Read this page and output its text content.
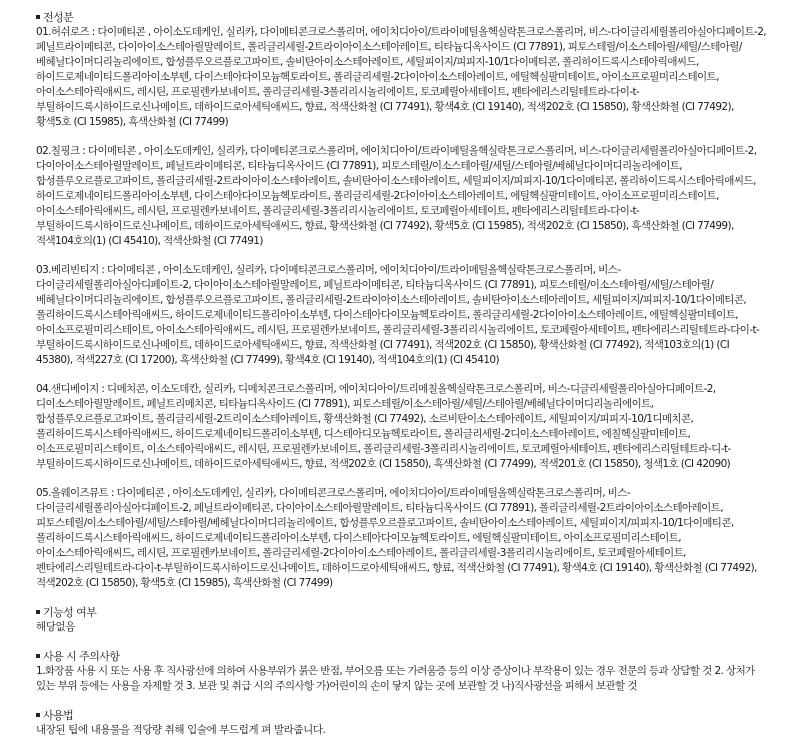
전성분

01.허쉬로즈 : 다이메티콘 , 아이소도데케인, 실리카, 다이메티콘크로스폴리머, 에이치디아이/트라이메틸올헥실락톤크로스폴리머, 비스-다이글리세릴폴리아실아디페이트-2, 페닐트라이메티콘, 다이아이소스테아릴말레이트, 폴리글리세릴-2트라이아이소스테아레이트, 티타늄디옥사이드 (CI 77891), 피토스테릴/이소스테아릴/세틸/스테아릴/베헤닐다이머디리놀리에이트, 합성플루오르플로고파이트, 솔비탄아이소스테아레이트, 세틸피이지/피피지-10/1다이메티콘, 폴리하이드록시스테아릭애씨드, 하이드로제네이티드폴리아이소부텐, 다이스테아다이모늄헥토라이트, 폴리글리세릴-2다이아이소스테아레이트, 에틸헥실팔미테이트, 아이소프로필미리스테이트, 아이소스테아릭애씨드, 레시틴, 프로필렌카보네이트, 폴리글리세릴-3폴리리시놀리에이트, 토코페릴아세테이트, 펜타에리스리틸테트라-다이-t-부틸하이드록시하이드로신나메이트, 데하이드로아세틱애씨드, 향료, 적색산화철 (CI 77491), 황색4호 (CI 19140), 적색202호 (CI 15850), 황색산화철 (CI 77492), 황색5호 (CI 15985), 흑색산화철 (CI 77499)

02.칠핑크 : 다이메티콘 , 아이소도데케인, 실리카, 다이메티콘크로스폴리머, 에이치디아이/트라이메틸올헥실락톤크로스폴리머, 비스-다이글리세릴폴리아실아디페이트-2, 다이아이소스테아릴말레이트, 페닐트라이메티콘, 티타늄디옥사이드 (CI 77891), 피토스테릴/이소스테아릴/세틸/스테아릴/베헤닐다이머디리놀리에이트, 합성플루오르플로고파이트, 폴리글리세릴-2트라이아이소스테아레이트, 솔비탄아이소스테아레이트, 세틸피이지/피피지-10/1다이메티콘, 폴리하이드록시스테아릭애씨드, 하이드로제네이티드폴리아이소부텐, 다이스테아다이모늄헥토라이트, 폴리글리세릴-2다이아이소스테아레이트, 에틸헥실팔미테이트, 아이소프로필미리스테이트, 아이소스테아릭애씨드, 레시틴, 프로필렌카보네이트, 폴리글리세릴-3폴리리시놀리에이트, 토코페릴아세테이트, 펜타에리스리틸테트라-다이-t-부틸하이드록시하이드로신나메이트, 데하이드로아세틱애씨드, 향료, 황색산화철 (CI 77492), 황색5호 (CI 15985), 적색202호 (CI 15850), 흑색산화철 (CI 77499), 적색104호의(1) (CI 45410), 적색산화철 (CI 77491)

03.베리빈티지 : 다이메티콘 , 아이소도데케인, 실리카, 다이메티콘크로스폴리머, 에이치디아이/트라이메틸올헥실락톤크로스폴리머, 비스-다이글리세릴폴리아실아디페이트-2, 다이아이소스테아릴말레이트, 페닐트라이메티콘, 티타늄디옥사이드 (CI 77891), 피토스테릴/이소스테아릴/세틸/스테아릴/베헤닐다이머디리놀리에이트, 합성플루오르플로고파이트, 폴리글리세릴-2트라이아이소스테아레이트, 솔비탄아이소스테아레이트, 세틸피이지/피피지-10/1다이메티콘, 폴리하이드록시스테아릭애씨드, 하이드로제네이티드폴리아이소부텐, 다이스테아다이모늄헥토라이트, 폴리글리세릴-2다이아이소스테아레이트, 에틸헥실팔미테이트, 아이소프로필미리스테이트, 아이소스테아릭애씨드, 레시틴, 프로필렌카보네이트, 폴리글리세릴-3폴리리시놀리에이트, 토코페릴아세테이트, 펜타에리스리틸테트라-다이-t-부틸하이드록시하이드로신나메이트, 데하이드로아세틱애씨드, 향료, 적색산화철 (CI 77491), 적색202호 (CI 15850), 황색산화철 (CI 77492), 적색103호의(1) (CI 45380), 적색227호 (CI 17200), 흑색산화철 (CI 77499), 황색4호 (CI 19140), 적색104호의(1) (CI 45410)

04.샌디베이지 : 디메치콘, 이소도데칸, 실리카, 디메치콘크로스폴리머, 에이치디아이/트리메칠올헥실락톤크로스폴리머, 비스-디글리세릴폴리아실아디페이트-2, 디이소스테아릴말레이트, 페닐트리메치콘, 티타늄디옥사이드 (CI 77891), 피토스테릴/이소스테아릴/세틸/스테아릴/베헤닐다이머디리놀리에이트, 합성플루오르플로고파이트, 폴리글리세릴-2트리이소스테아레이트, 황색산화철 (CI 77492), 소르비탄이소스테아레이트, 세틸피이지/피피지-10/1디메치콘, 폴리하이드록시스테아릭애씨드, 하이드로제네이티드폴리이소부텐, 디스테아디모늄헥토라이트, 폴리글리세릴-2디이소스테아레이트, 에칠헥실팔미테이트, 이소프로필미리스테이트, 이소스테아릭애씨드, 레시틴, 프로필렌카보네이트, 폴리글리세릴-3폴리리시놀리에이트, 토코페릴아세테이트, 펜타에리스리틸테트라-디-t-부틸하이드록시하이드로신나메이트, 데하이드로아세틱애씨드, 향료, 적색202호 (CI 15850), 흑색산화철 (CI 77499), 적색201호 (CI 15850), 청색1호 (CI 42090)

05.올웨이즈뮤트 : 다이메티콘 , 아이소도데케인, 실리카, 다이메티콘크로스폴리머, 에이치디아이/트라이메틸올헥실락톤크로스폴리머, 비스-다이글리세릴폴리아실아디페이트-2, 페닐트라이메티콘, 다이아이소스테아릴말레이트, 티타늄디옥사이드 (CI 77891), 폴리글리세릴-2트라이아이소스테아레이트, 피토스테릴/이소스테아릴/세틸/스테아릴/베헤닐다이머디리놀리에이트, 합성플루오르플로고파이트, 솔비탄아이소스테아레이트, 세틸피이지/피피지-10/1다이메티콘, 폴리하이드록시스테아릭애씨드, 하이드로제네이티드폴리아이소부텐, 다이스테아다이모늄헥토라이트, 에틸헥실팔미테이트, 아이소프로필미리스테이트, 아이소스테아릭애씨드, 레시틴, 프로필렌카보네이트, 폴리글리세릴-2다이아이소스테아레이트, 폴리글리세릴-3폴리리시놀리에이트, 토코페릴아세테이트, 펜타에리스리틸테트라-다이-t-부틸하이드록시하이드로신나메이트, 데하이드로아세틱애씨드, 향료, 적색산화철 (CI 77491), 황색4호 (CI 19140), 황색산화철 (CI 77492), 적색202호 (CI 15850), 황색5호 (CI 15985), 흑색산화철 (CI 77499)

기능성 여부

해당없음

사용 시 주의사항

1.화장품 사용 시 또는 사용 후 직사광선에 의하여 사용부위가 붉은 반점, 부어오름 또는 가려움증 등의 이상 증상이나 부작용이 있는 경우 전문의 등과 상담할 것 2. 상처가 있는 부위 등에는 사용을 자제할 것 3. 보관 및 취급 시의 주의사항 가)어린이의 손이 닿지 않는 곳에 보관할 것 나)직사광선을 피해서 보관할 것

사용법

내장된 팁에 내용물을 적당량 취해 입술에 부드럽게 펴 발라줍니다.
